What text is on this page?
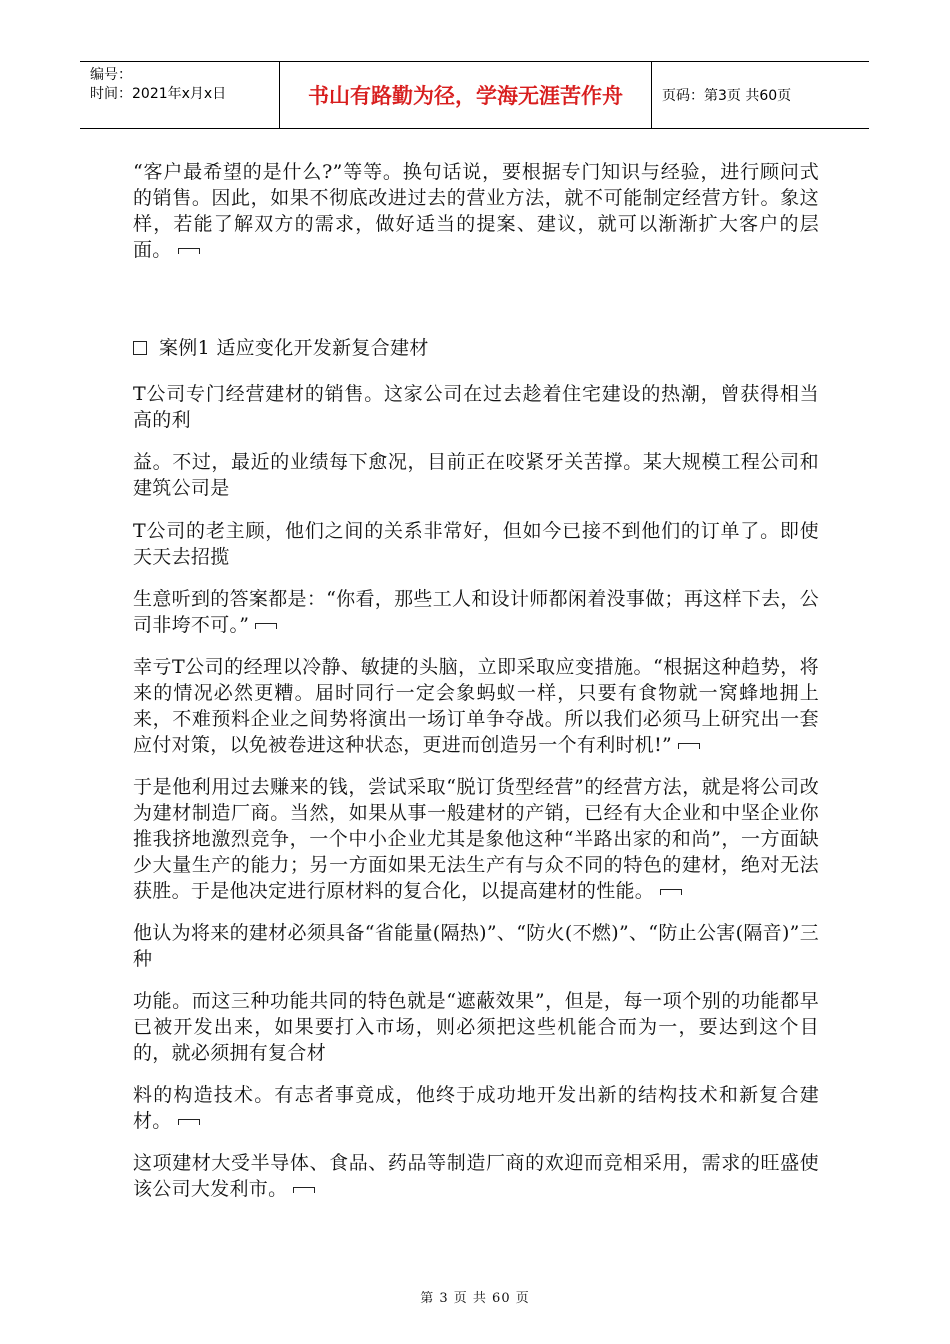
编号：
时间：2021年x月x日	书山有路勤为径，学海无涯苦作舟	页码：第3页 共60页

“客户最希望的是什么?”等等。换句话说，要根据专门知识与经验，进行顾问式的销售。因此，如果不彻底改进过去的营业方法，就不可能制定经营方针。象这样，若能了解双方的需求，做好适当的提案、建议，就可以渐渐扩大客户的层面。

案例1 适应变化开发新复合建材

T公司专门经营建材的销售。这家公司在过去趁着住宅建设的热潮，曾获得相当高的利

益。不过，最近的业绩每下愈况，目前正在咬紧牙关苦撑。某大规模工程公司和建筑公司是

T公司的老主顾，他们之间的关系非常好，但如今已接不到他们的订单了。即使天天去招揽

生意听到的答案都是：“你看，那些工人和设计师都闲着没事做；再这样下去，公司非垮不可。”

幸亏T公司的经理以冷静、敏捷的头脑，立即采取应变措施。“根据这种趋势，将来的情况必然更糟。届时同行一定会象蚂蚁一样，只要有食物就一窝蜂地拥上来，不难预料企业之间势将演出一场订单争夺战。所以我们必须马上研究出一套应付对策，以免被卷进这种状态，更进而创造另一个有利时机!”

于是他利用过去赚来的钱，尝试采取“脱订货型经营”的经营方法，就是将公司改为建材制造厂商。当然，如果从事一般建材的产销，已经有大企业和中坚企业你推我挤地激烈竞争，一个中小企业尤其是象他这种“半路出家的和尚”，一方面缺少大量生产的能力；另一方面如果无法生产有与众不同的特色的建材，绝对无法获胜。于是他决定进行原材料的复合化，以提高建材的性能。

他认为将来的建材必须具备“省能量(隔热)”、“防火(不燃)”、“防止公害(隔音)”三种

功能。而这三种功能共同的特色就是“遮蔽效果”，但是，每一项个别的功能都早已被开发出来，如果要打入市场，则必须把这些机能合而为一，要达到这个目的，就必须拥有复合材

料的构造技术。有志者事竟成，他终于成功地开发出新的结构技术和新复合建材。

这项建材大受半导体、食品、药品等制造厂商的欢迎而竞相采用，需求的旺盛使该公司大发利市。

第 3 页 共 60 页
